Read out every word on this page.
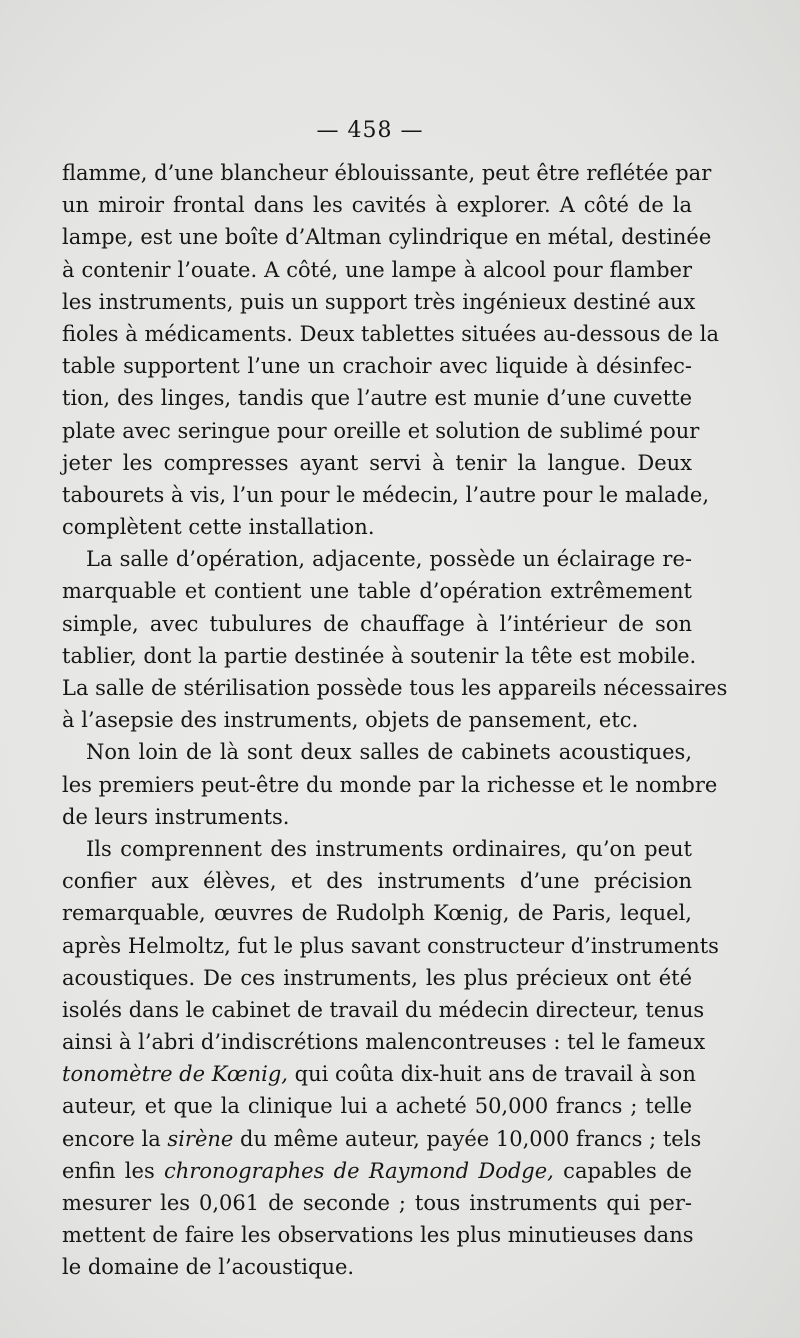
— 458 —
flamme, d’une blancheur éblouissante, peut être reflétée par
un miroir frontal dans les cavités à explorer. A côté de la
lampe, est une boîte d’Altman cylindrique en métal, destinée
à contenir l’ouate. A côté, une lampe à alcool pour flamber
les instruments, puis un support très ingénieux destiné aux
fioles à médicaments. Deux tablettes situées au-dessous de la
table supportent l’une un crachoir avec liquide à désinfec-
tion, des linges, tandis que l’autre est munie d’une cuvette
plate avec seringue pour oreille et solution de sublimé pour
jeter les compresses ayant servi à tenir la langue. Deux
tabourets à vis, l’un pour le médecin, l’autre pour le malade,
complètent cette installation.
La salle d’opération, adjacente, possède un éclairage re-
marquable et contient une table d’opération extrêmement
simple, avec tubulures de chauffage à l’intérieur de son
tablier, dont la partie destinée à soutenir la tête est mobile.
La salle de stérilisation possède tous les appareils nécessaires
à l’asepsie des instruments, objets de pansement, etc.
Non loin de là sont deux salles de cabinets acoustiques,
les premiers peut-être du monde par la richesse et le nombre
de leurs instruments.
Ils comprennent des instruments ordinaires, qu’on peut
confier aux élèves, et des instruments d’une précision
remarquable, œuvres de Rudolph Kœnig, de Paris, lequel,
après Helmoltz, fut le plus savant constructeur d’instruments
acoustiques. De ces instruments, les plus précieux ont été
isolés dans le cabinet de travail du médecin directeur, tenus
ainsi à l’abri d’indiscrétions malencontreuses : tel le fameux
tonomètre de Kœnig, qui coûta dix-huit ans de travail à son
auteur, et que la clinique lui a acheté 50,000 francs ; telle
encore la sirène du même auteur, payée 10,000 francs ; tels
enfin les chronographes de Raymond Dodge, capables de
mesurer les 0,061 de seconde ; tous instruments qui per-
mettent de faire les observations les plus minutieuses dans
le domaine de l’acoustique.
